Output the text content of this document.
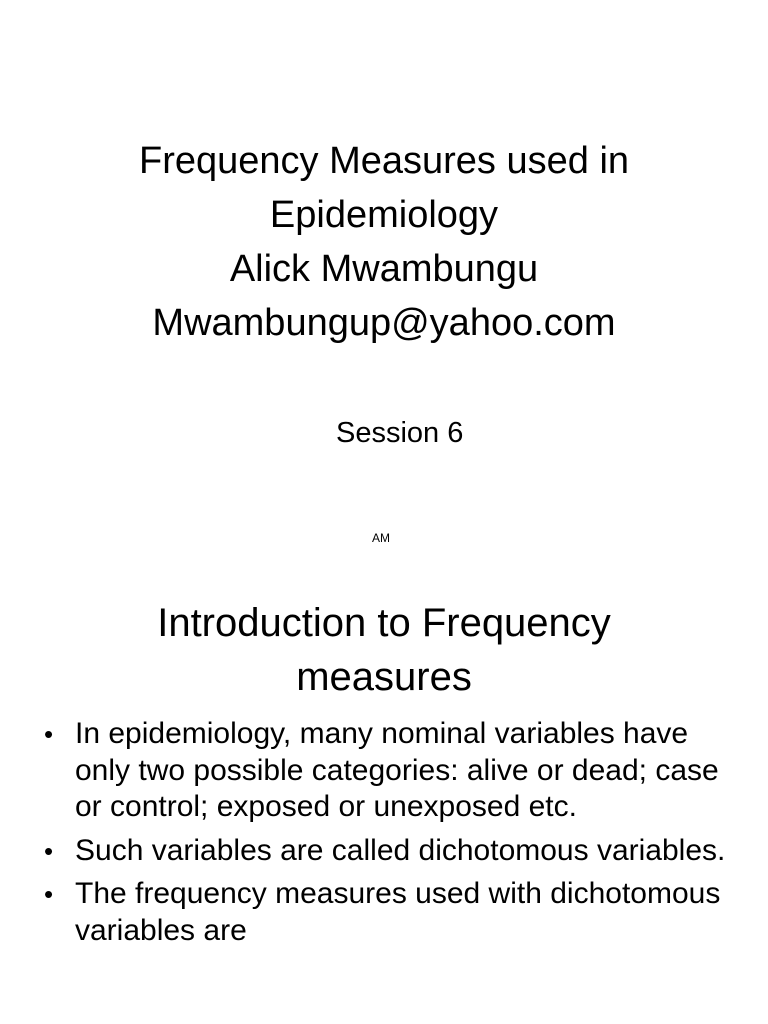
Frequency Measures used in
Epidemiology
Alick Mwambungu
Mwambungup@yahoo.com
Session 6
AM
Introduction to Frequency
measures
• In epidemiology, many nominal variables have only two possible categories: alive or dead; case or control; exposed or unexposed etc.
• Such variables are called dichotomous variables.
• The frequency measures used with dichotomous variables are
